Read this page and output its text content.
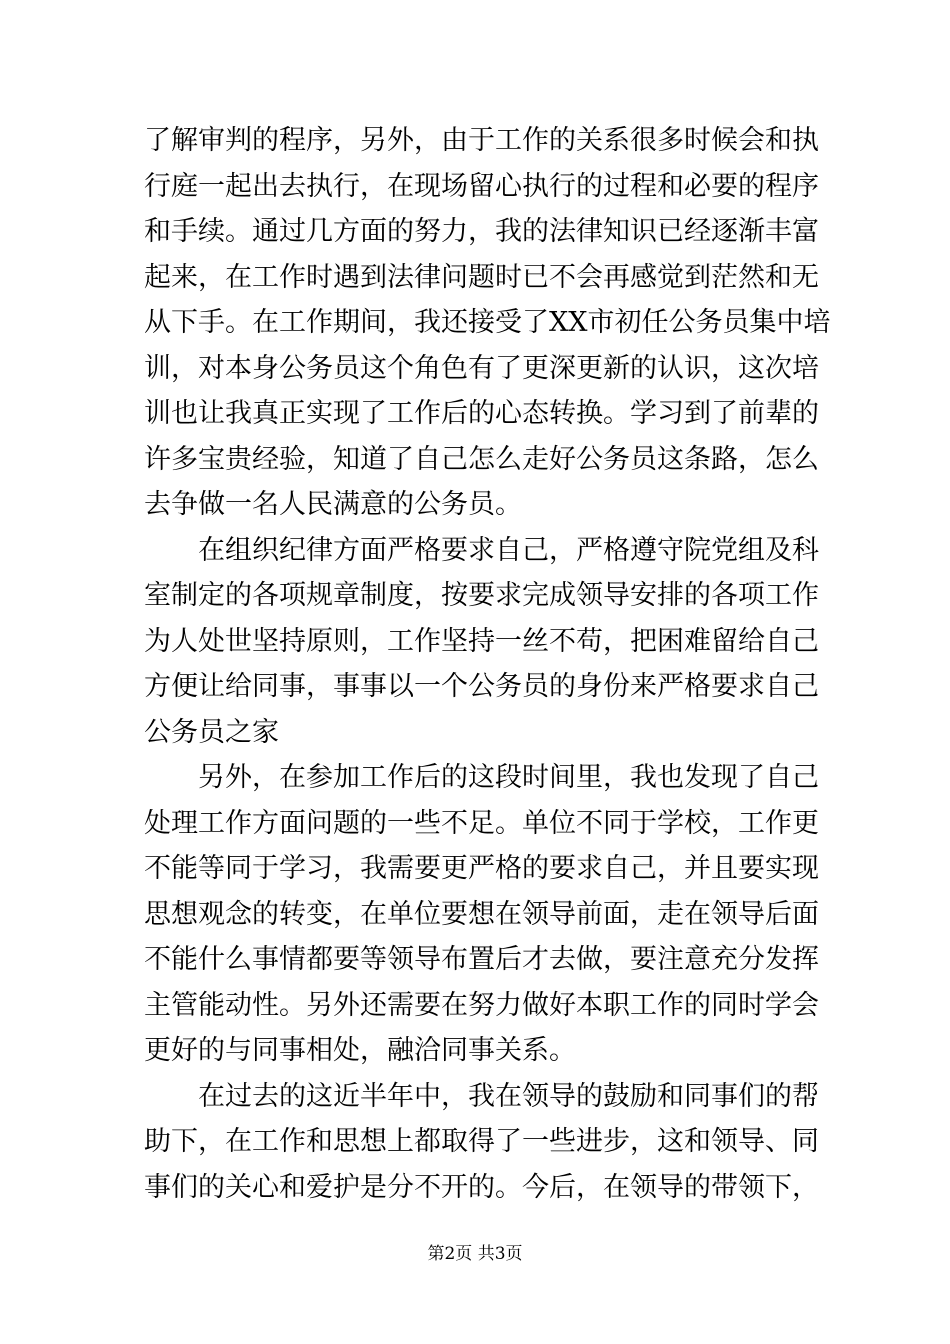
了解审判的程序，另外，由于工作的关系很多时候会和执
行庭一起出去执行，在现场留心执行的过程和必要的程序
和手续。通过几方面的努力，我的法律知识已经逐渐丰富
起来，在工作时遇到法律问题时已不会再感觉到茫然和无
从下手。在工作期间，我还接受了XX市初任公务员集中培
训，对本身公务员这个角色有了更深更新的认识，这次培
训也让我真正实现了工作后的心态转换。学习到了前辈的
许多宝贵经验，知道了自己怎么走好公务员这条路，怎么
去争做一名人民满意的公务员。
在组织纪律方面严格要求自己，严格遵守院党组及科
室制定的各项规章制度，按要求完成领导安排的各项工作
为人处世坚持原则，工作坚持一丝不苟，把困难留给自己
方便让给同事，事事以一个公务员的身份来严格要求自己
公务员之家
另外，在参加工作后的这段时间里，我也发现了自己
处理工作方面问题的一些不足。单位不同于学校，工作更
不能等同于学习，我需要更严格的要求自己，并且要实现
思想观念的转变，在单位要想在领导前面，走在领导后面
不能什么事情都要等领导布置后才去做，要注意充分发挥
主管能动性。另外还需要在努力做好本职工作的同时学会
更好的与同事相处，融洽同事关系。
在过去的这近半年中，我在领导的鼓励和同事们的帮
助下，在工作和思想上都取得了一些进步，这和领导、同
事们的关心和爱护是分不开的。今后，在领导的带领下，
第2页 共3页
